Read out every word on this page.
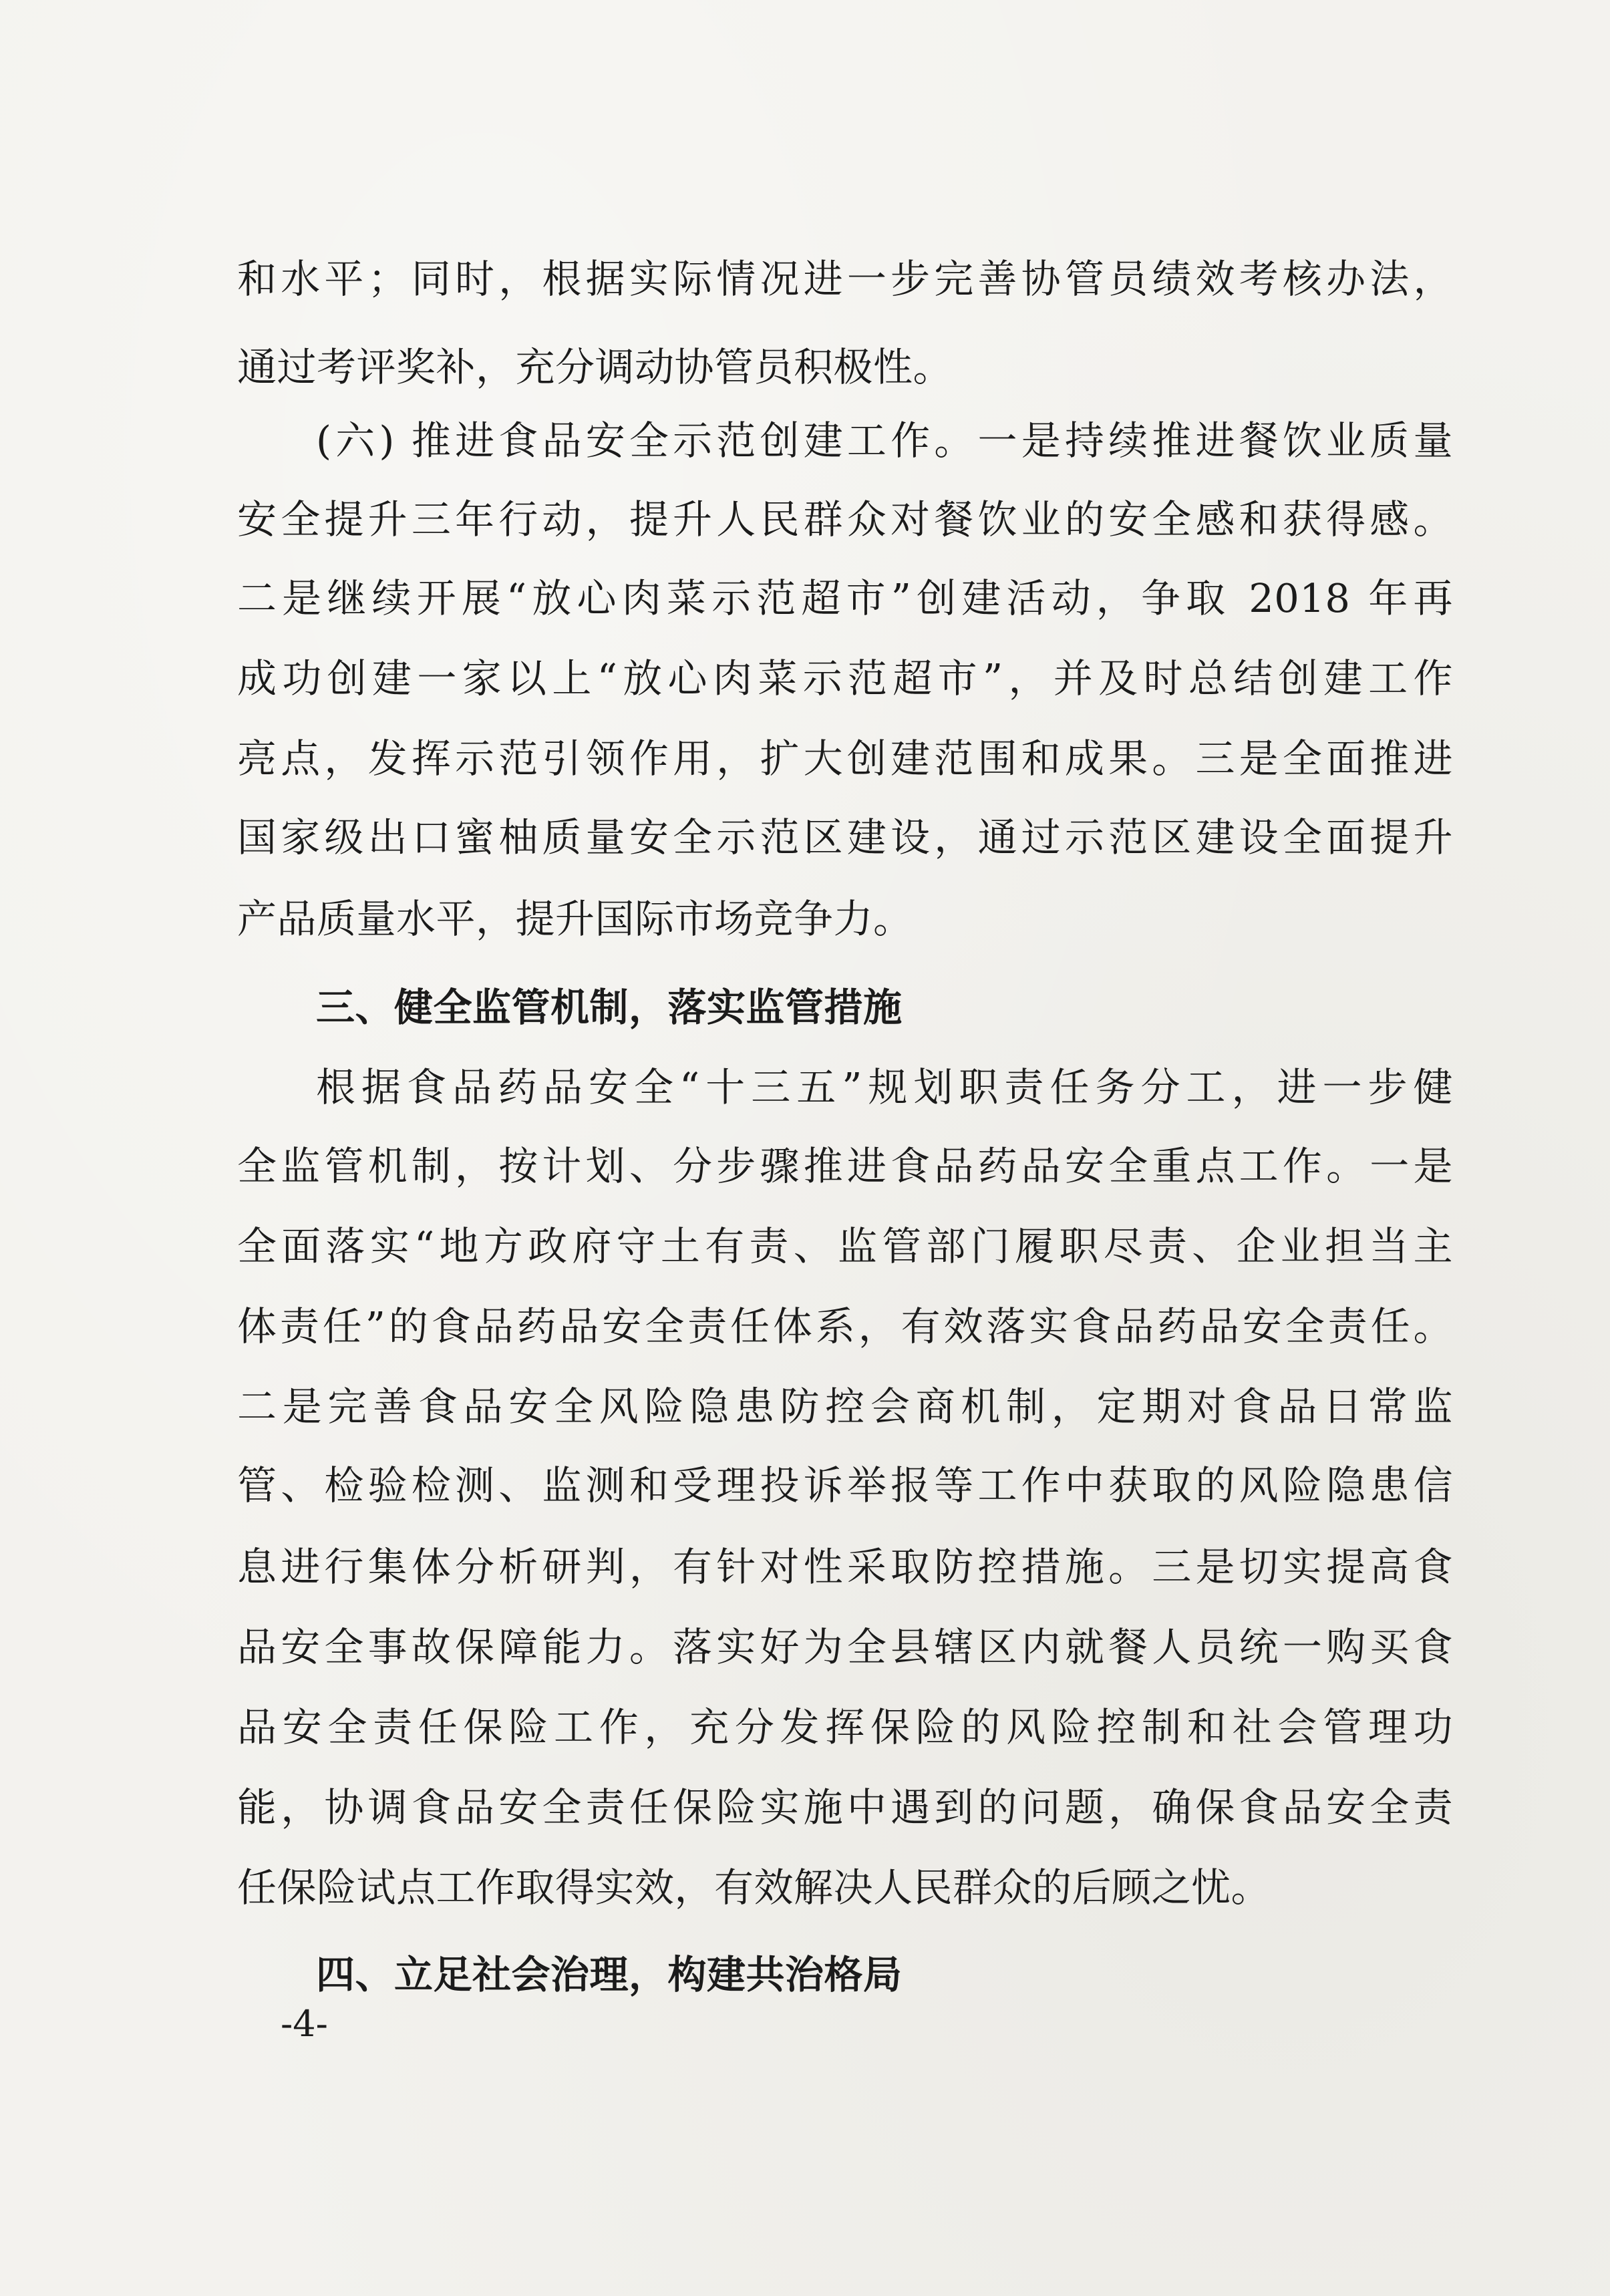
和水平；同时，根据实际情况进一步完善协管员绩效考核办法，
通过考评奖补，充分调动协管员积极性。
(六) 推进食品安全示范创建工作。一是持续推进餐饮业质量
安全提升三年行动，提升人民群众对餐饮业的安全感和获得感。
二是继续开展“放心肉菜示范超市”创建活动，争取 2018 年再
成功创建一家以上“放心肉菜示范超市”，并及时总结创建工作
亮点，发挥示范引领作用，扩大创建范围和成果。三是全面推进
国家级出口蜜柚质量安全示范区建设，通过示范区建设全面提升
产品质量水平，提升国际市场竞争力。
三、健全监管机制，落实监管措施
根据食品药品安全“十三五”规划职责任务分工，进一步健
全监管机制，按计划、分步骤推进食品药品安全重点工作。一是
全面落实“地方政府守土有责、监管部门履职尽责、企业担当主
体责任”的食品药品安全责任体系，有效落实食品药品安全责任。
二是完善食品安全风险隐患防控会商机制，定期对食品日常监
管、检验检测、监测和受理投诉举报等工作中获取的风险隐患信
息进行集体分析研判，有针对性采取防控措施。三是切实提高食
品安全事故保障能力。落实好为全县辖区内就餐人员统一购买食
品安全责任保险工作，充分发挥保险的风险控制和社会管理功
能，协调食品安全责任保险实施中遇到的问题，确保食品安全责
任保险试点工作取得实效，有效解决人民群众的后顾之忧。
四、立足社会治理，构建共治格局
-4-
